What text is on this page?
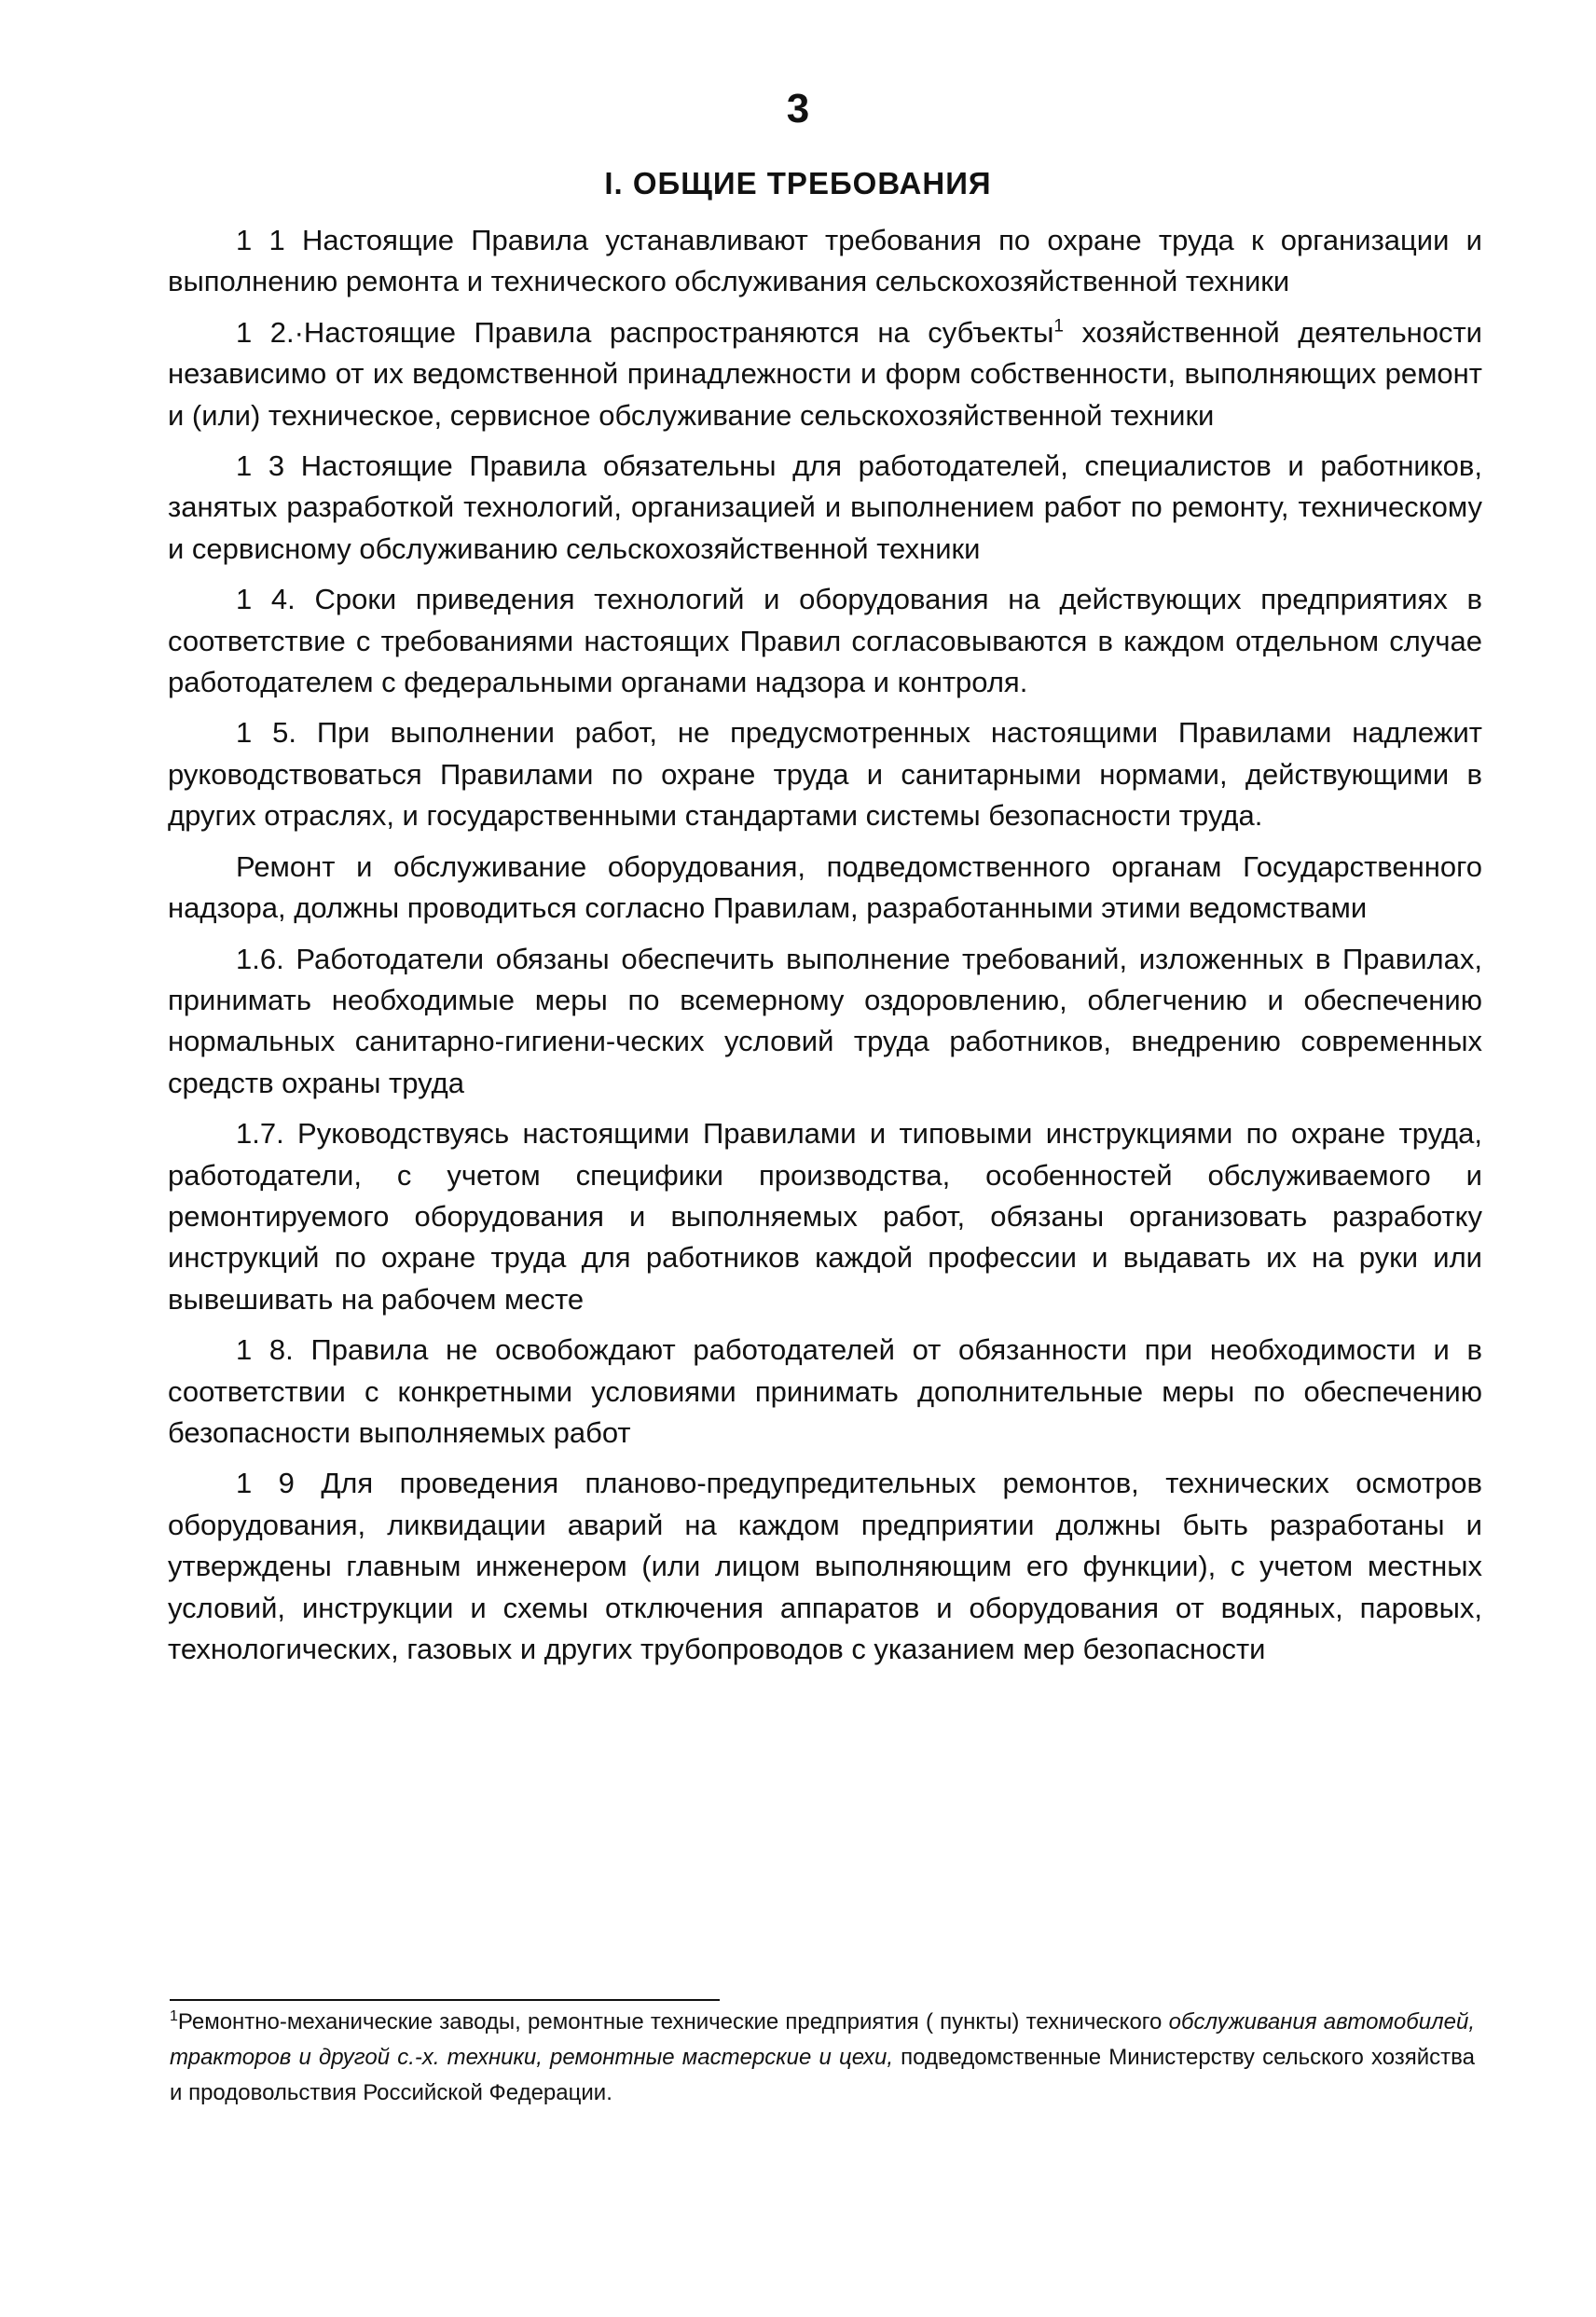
3
I. ОБЩИЕ ТРЕБОВАНИЯ

1 1 Настоящие Правила устанавливают требования по охране труда к организации и выполнению ремонта и технического обслуживания сельскохозяйственной техники

1 2.·Настоящие Правила распространяются на субъекты$^1$ хозяйственной деятельности независимо от их ведомственной принадлежности и форм собственности, выполняющих ремонт и (или) техническое, сервисное обслуживание сельскохозяйственной техники

1 3 Настоящие Правила обязательны для работодателей, специалистов и работников, занятых разработкой технологий, организацией и выполнением работ по ремонту, техническому и сервисному обслуживанию сельскохозяйственной техники

1 4. Сроки приведения технологий и оборудования на действующих предприятиях в соответствие с требованиями настоящих Правил согласовываются в каждом отдельном случае работодателем с федеральными органами надзора и контроля.

1 5. При выполнении работ, не предусмотренных настоящими Правилами надлежит руководствоваться Правилами по охране труда и санитарными нормами, действующими в других отраслях, и государственными стандартами системы безопасности труда.

Ремонт и обслуживание оборудования, подведомственного органам Государственного надзора, должны проводиться согласно Правилам, разработанными этими ведомствами

1.6. Работодатели обязаны обеспечить выполнение требований, изложенных в Правилах, принимать необходимые меры по всемерному оздоровлению, облегчению и обеспечению нормальных санитарно-гигиени-ческих условий труда работников, внедрению современных средств охраны труда

1.7. Руководствуясь настоящими Правилами и типовыми инструкциями по охране труда, работодатели, с учетом специфики производства, особенностей обслуживаемого и ремонтируемого оборудования и выполняемых работ, обязаны организовать разработку инструкций по охране труда для работников каждой профессии и выдавать их на руки или вывешивать на рабочем месте

1 8. Правила не освобождают работодателей от обязанности при необходимости и в соответствии с конкретными условиями принимать дополнительные меры по обеспечению безопасности выполняемых работ

1 9 Для проведения планово-предупредительных ремонтов, технических осмотров оборудования, ликвидации аварий на каждом предприятии должны быть разработаны и утверждены главным инженером (или лицом выполняющим его функции), с учетом местных условий, инструкции и схемы отключения аппаратов и оборудования от водяных, паровых, технологических, газовых и других трубопроводов с указанием мер безопасности

$^1$Ремонтно-механические заводы, ремонтные технические предприятия ( пункты) технического обслуживания автомобилей, тракторов и другой с.-х. техники, ремонтные мастерские и цехи, подведомственные Министерству сельского хозяйства и продовольствия Российской Федерации.
